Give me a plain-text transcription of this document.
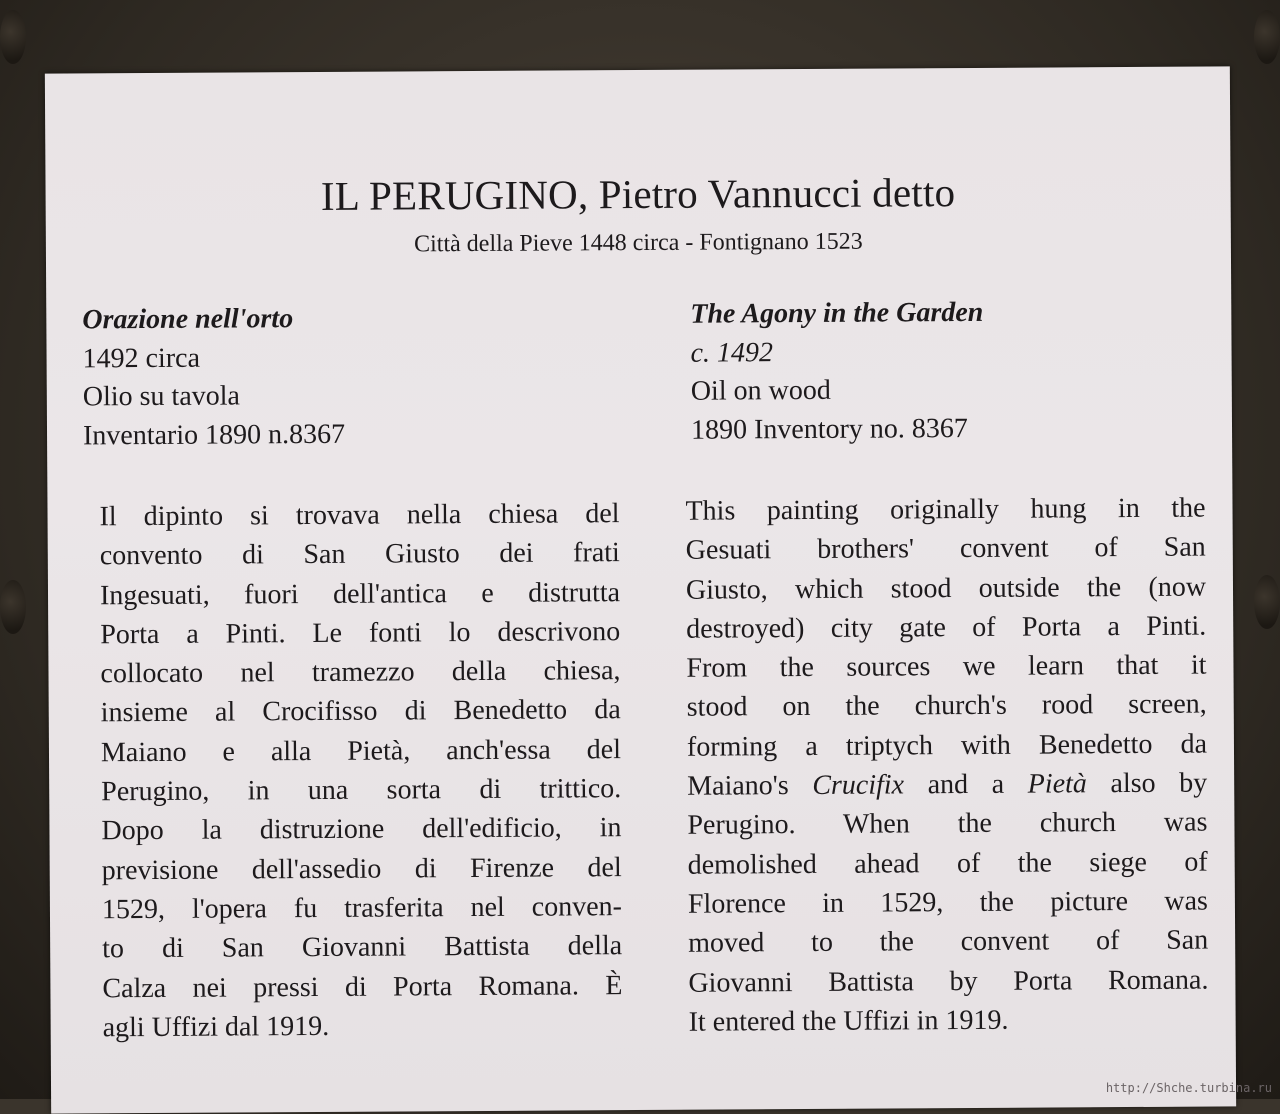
IL PERUGINO, Pietro Vannucci detto
Città della Pieve 1448 circa - Fontignano 1523
Orazione nell'orto
1492 circa
Olio su tavola
Inventario 1890 n.8367
The Agony in the Garden
c. 1492
Oil on wood
1890 Inventory no. 8367
Il dipinto si trovava nella chiesa del
convento di San Giusto dei frati
Ingesuati, fuori dell'antica e distrutta
Porta a Pinti. Le fonti lo descrivono
collocato nel tramezzo della chiesa,
insieme al Crocifisso di Benedetto da
Maiano e alla Pietà, anch'essa del
Perugino, in una sorta di trittico.
Dopo la distruzione dell'edificio, in
previsione dell'assedio di Firenze del
1529, l'opera fu trasferita nel conven-
to di San Giovanni Battista della
Calza nei pressi di Porta Romana. È
agli Uffizi dal 1919.
This painting originally hung in the
Gesuati brothers' convent of San
Giusto, which stood outside the (now
destroyed) city gate of Porta a Pinti.
From the sources we learn that it
stood on the church's rood screen,
forming a triptych with Benedetto da
Maiano's Crucifix and a Pietà also by
Perugino. When the church was
demolished ahead of the siege of
Florence in 1529, the picture was
moved to the convent of San
Giovanni Battista by Porta Romana.
It entered the Uffizi in 1919.
http://Shche.turbina.ru
